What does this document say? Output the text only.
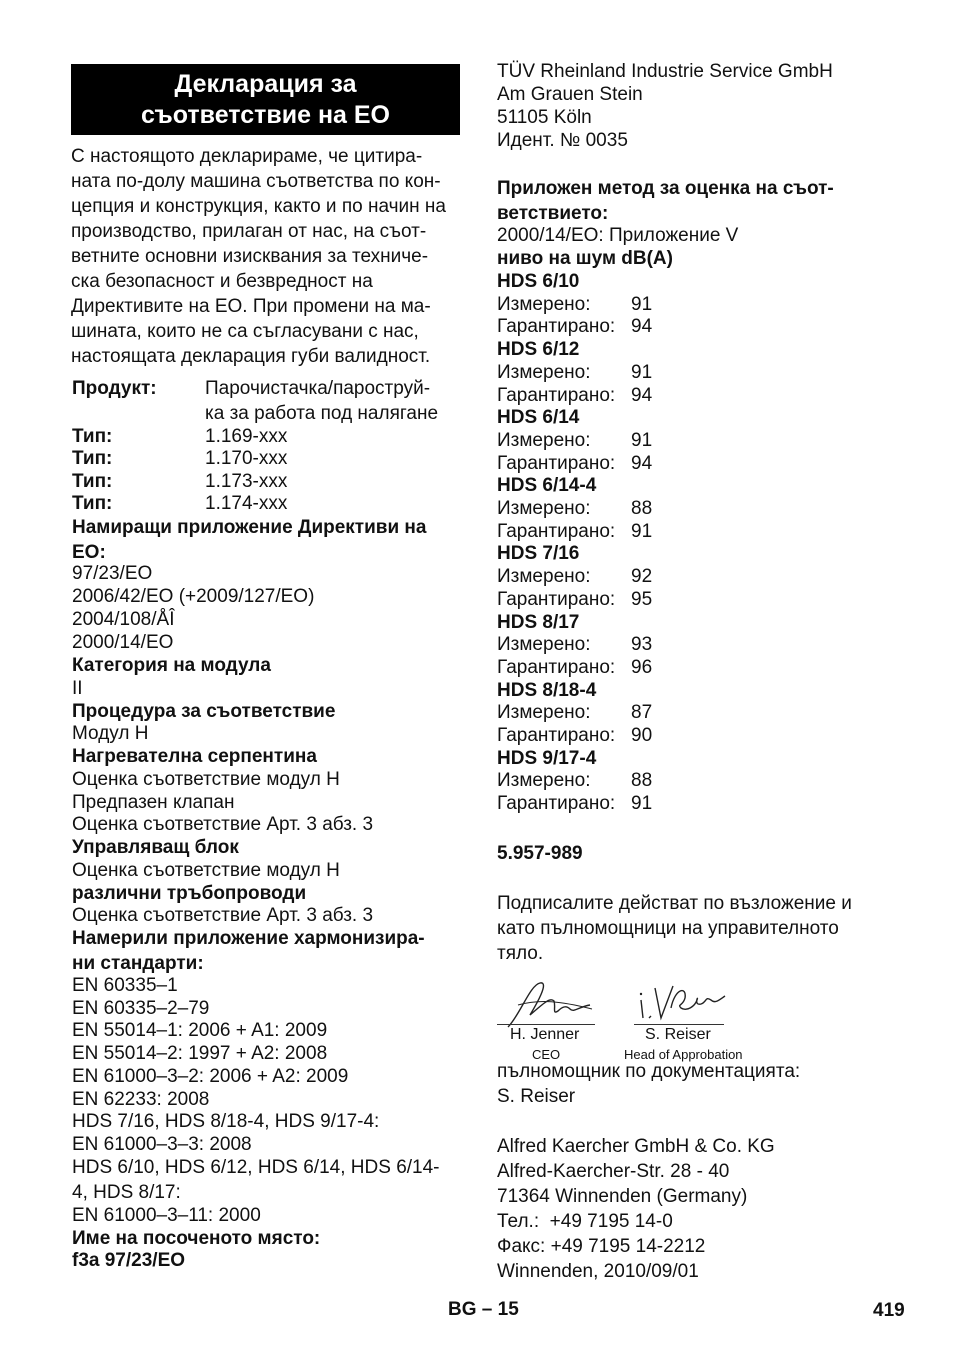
Декларация за
съответствие на ЕО
С настоящото декларираме, че цитира-
ната по-долу машина съответства по кон-
цепция и конструкция, както и по начин на
производство, прилаган от нас, на съот-
ветните основни изисквания за техниче-
ска безопасност и безвредност на
Директивите на ЕО. При промени на ма-
шината, които не са съгласувани с нас,
настоящата декларация губи валидност.
Продукт:	Парочистачка/пароструй-
ка за работа под налягане
Тип:	1.169-xxx
Тип:	1.170-xxx
Тип:	1.173-xxx
Тип:	1.174-xxx
Намиращи приложение Директиви на
ЕО:
97/23/ЕО
2006/42/ЕО (+2009/127/ЕО)
2004/108/ÅÎ
2000/14/ЕО
Категория на модула
II
Процедура за съответствие
Модул H
Нагревателна серпентина
Оценка съответствие модул H
Предпазен клапан
Оценка съответствие Арт. 3 абз. 3
Управляващ блок
Оценка съответствие модул H
различни тръбопроводи
Оценка съответствие Арт. 3 абз. 3
Намерили приложение хармонизира-
ни стандарти:
EN 60335–1
EN 60335–2–79
EN 55014–1: 2006 + A1: 2009
EN 55014–2: 1997 + A2: 2008
EN 61000–3–2: 2006 + A2: 2009
EN 62233: 2008
HDS 7/16, HDS 8/18-4, HDS 9/17-4:
EN 61000–3–3: 2008
HDS 6/10, HDS 6/12, HDS 6/14, HDS 6/14-
4, HDS 8/17:
EN 61000–3–11: 2000
Име на посоченото място:
f3a 97/23/EO
TÜV Rheinland Industrie Service GmbH
Am Grauen Stein
51105 Köln
Идент. № 0035
Приложен метод за оценка на съот-
ветствието:
2000/14/ЕО: Приложение V
ниво на шум dB(A)
HDS 6/10
Измерено: 91
Гарантирано: 94
HDS 6/12
Измерено: 91
Гарантирано: 94
HDS 6/14
Измерено: 91
Гарантирано: 94
HDS 6/14-4
Измерено: 88
Гарантирано: 91
HDS 7/16
Измерено: 92
Гарантирано: 95
HDS 8/17
Измерено: 93
Гарантирано: 96
HDS 8/18-4
Измерено: 87
Гарантирано: 90
HDS 9/17-4
Измерено: 88
Гарантирано: 91
5.957-989
Подписалите действат по възложение и
като пълномощници на управителното
тяло.
H. Jenner	S. Reiser
CEO	Head of Approbation
пълномощник по документацията:
S. Reiser
Alfred Kaercher GmbH & Co. KG
Alfred-Kaercher-Str. 28 - 40
71364 Winnenden (Germany)
Тел.:  +49 7195 14-0
Факс: +49 7195 14-2212
Winnenden, 2010/09/01
BG – 15	419
